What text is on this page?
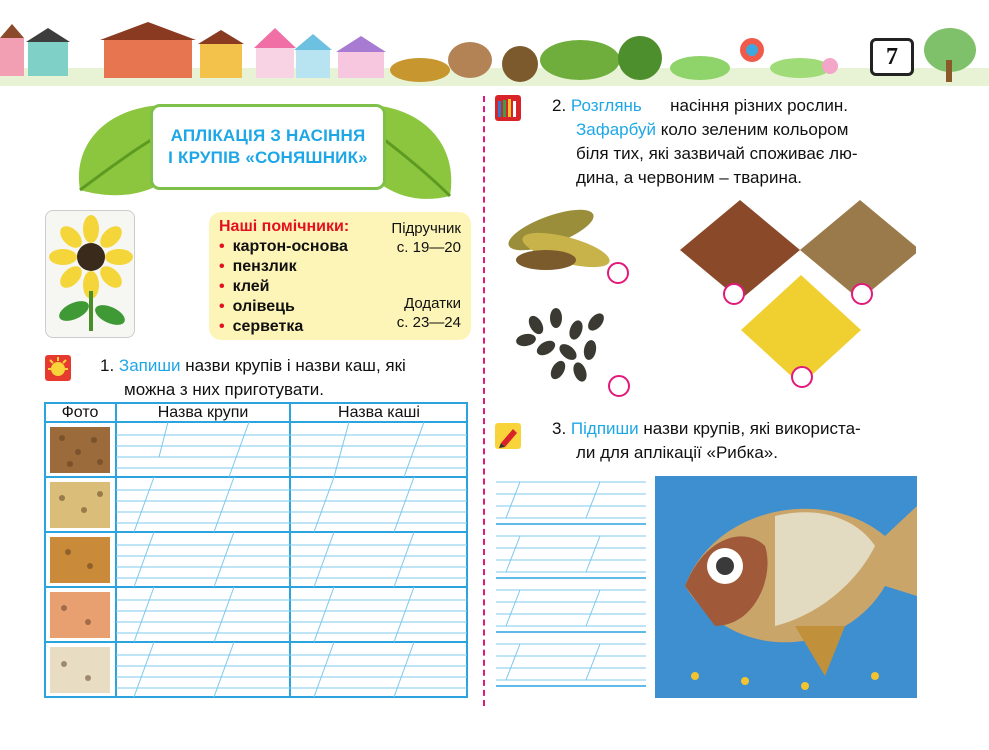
7
АПЛІКАЦІЯ З НАСІННЯ
І КРУПІВ «СОНЯШНИК»
Наші помічники:
• картон-основа
• пензлик
• клей
• олівець
• серветка
Підручник
с. 19—20
Додатки
с. 23—24
1. Запиши назви крупів і назви каш, які
можна з них приготувати.
Фото	Назва крупи	Назва каші
2. Розглянь насіння різних рослин.
Зафарбуй коло зеленим кольором
біля тих, які зазвичай споживає лю-
дина, а червоним – тварина.
3. Підпиши назви крупів, які використа-
ли для аплікації «Рибка».
